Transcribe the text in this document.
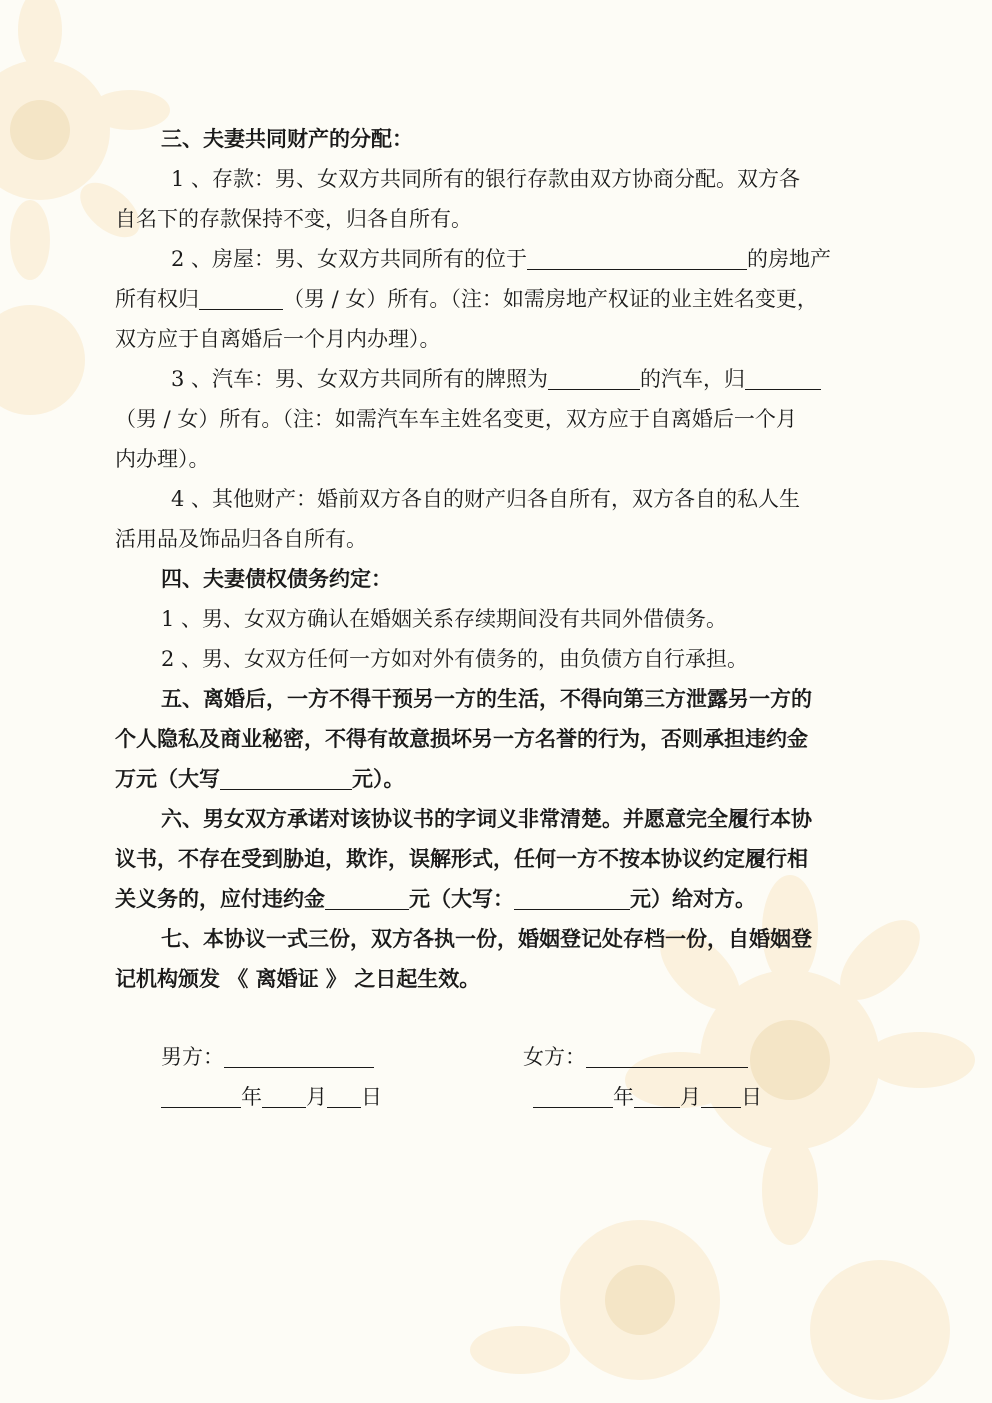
三、夫妻共同财产的分配：
1 、存款：男、女双方共同所有的银行存款由双方协商分配。双方各
自名下的存款保持不变，归各自所有。
2 、房屋：男、女双方共同所有的位于	的房地产
所有权归	（男 / 女）所有。（注：如需房地产权证的业主姓名变更，
双方应于自离婚后一个月内办理）。
3 、汽车：男、女双方共同所有的牌照为	的汽车，归
（男 / 女）所有。（注：如需汽车车主姓名变更，双方应于自离婚后一个月
内办理）。
4 、其他财产：婚前双方各自的财产归各自所有，双方各自的私人生
活用品及饰品归各自所有。
四、夫妻债权债务约定：
1 、男、女双方确认在婚姻关系存续期间没有共同外借债务。
2 、男、女双方任何一方如对外有债务的，由负债方自行承担。
五、离婚后，一方不得干预另一方的生活，不得向第三方泄露另一方的
个人隐私及商业秘密，不得有故意损坏另一方名誉的行为，否则承担违约金
万元（大写	元）。
六、男女双方承诺对该协议书的字词义非常清楚。并愿意完全履行本协
议书，不存在受到胁迫，欺诈，误解形式，任何一方不按本协议约定履行相
关义务的，应付违约金	元（大写：	元）给对方。
七、本协议一式三份，双方各执一份，婚姻登记处存档一份，自婚姻登
记机构颁发 《 离婚证 》 之日起生效。
男方：	女方：
年 月 日	年 月 日
